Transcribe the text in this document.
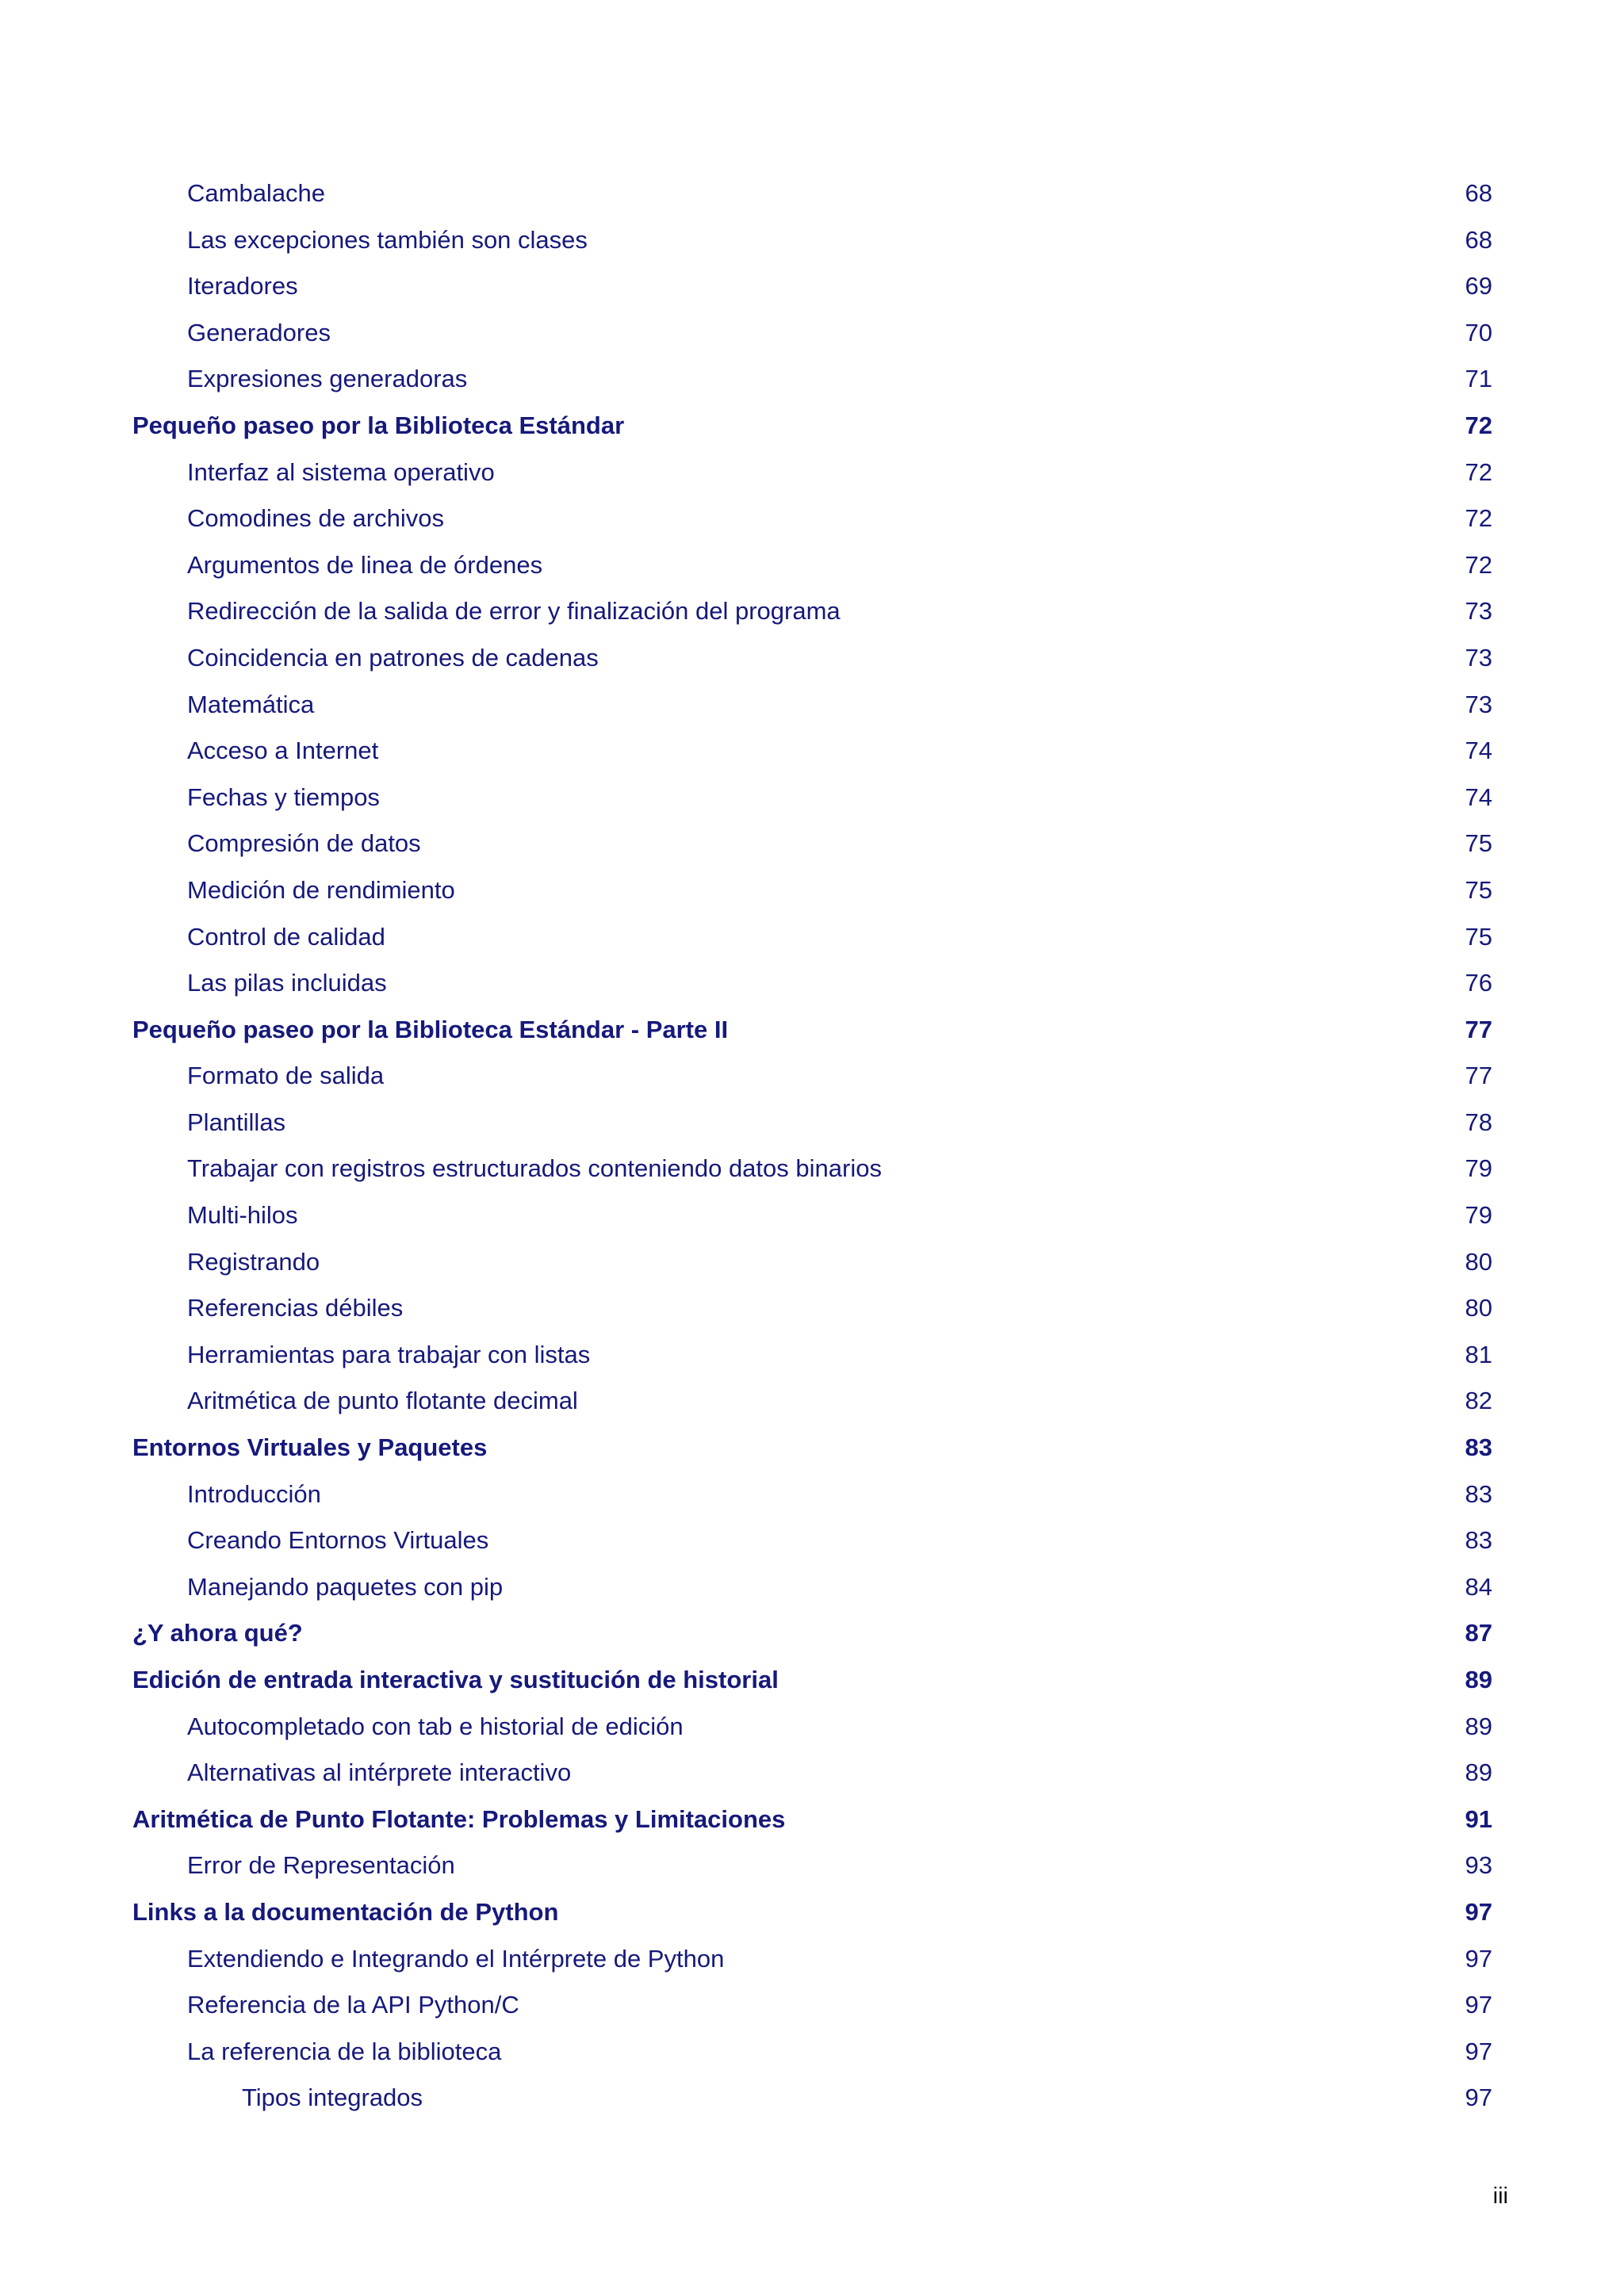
Cambalache	68
Las excepciones también son clases	68
Iteradores	69
Generadores	70
Expresiones generadoras	71
Pequeño paseo por la Biblioteca Estándar	72
Interfaz al sistema operativo	72
Comodines de archivos	72
Argumentos de linea de órdenes	72
Redirección de la salida de error y finalización del programa	73
Coincidencia en patrones de cadenas	73
Matemática	73
Acceso a Internet	74
Fechas y tiempos	74
Compresión de datos	75
Medición de rendimiento	75
Control de calidad	75
Las pilas incluidas	76
Pequeño paseo por la Biblioteca Estándar - Parte II	77
Formato de salida	77
Plantillas	78
Trabajar con registros estructurados conteniendo datos binarios	79
Multi-hilos	79
Registrando	80
Referencias débiles	80
Herramientas para trabajar con listas	81
Aritmética de punto flotante decimal	82
Entornos Virtuales y Paquetes	83
Introducción	83
Creando Entornos Virtuales	83
Manejando paquetes con pip	84
¿Y ahora qué?	87
Edición de entrada interactiva y sustitución de historial	89
Autocompletado con tab e historial de edición	89
Alternativas al intérprete interactivo	89
Aritmética de Punto Flotante: Problemas y Limitaciones	91
Error de Representación	93
Links a la documentación de Python	97
Extendiendo e Integrando el Intérprete de Python	97
Referencia de la API Python/C	97
La referencia de la biblioteca	97
Tipos integrados	97
iii
